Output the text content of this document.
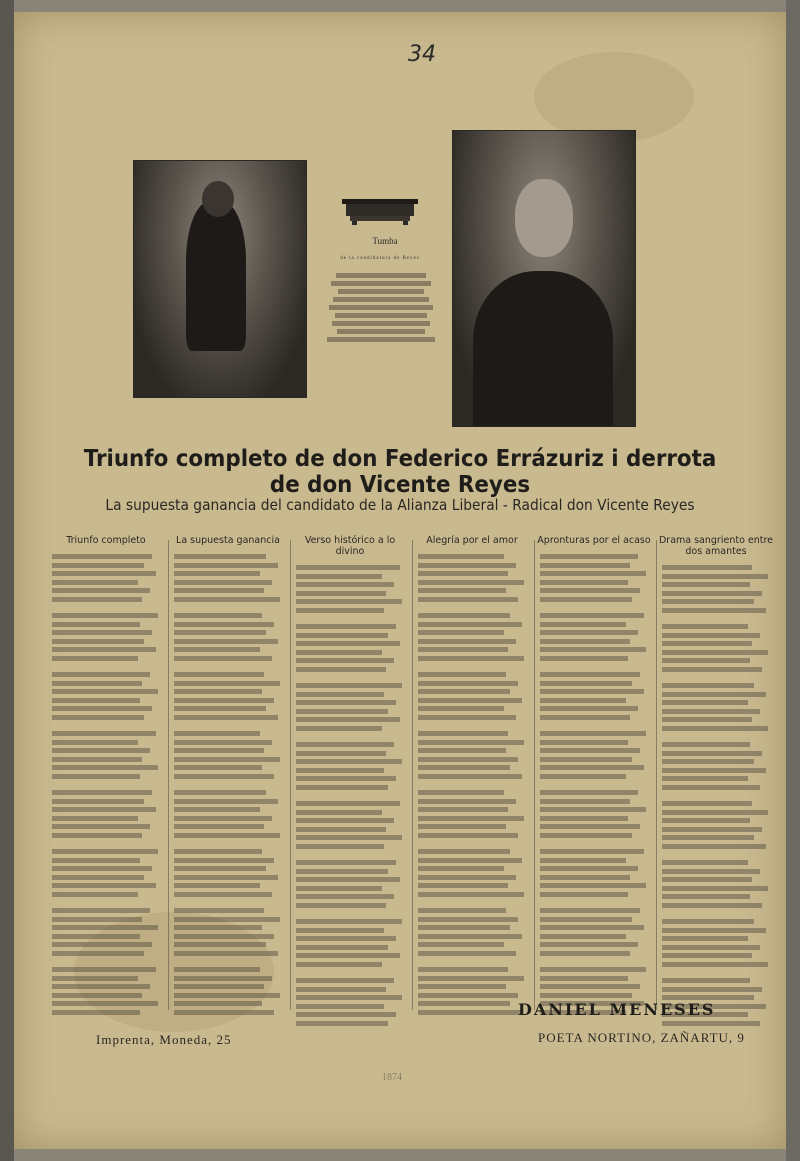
34
Tumba
de la candidatura de Reyes
Triunfo completo de don Federico Errázuriz i derrota de don Vicente Reyes
La supuesta ganancia del candidato de la Alianza Liberal - Radical don Vicente Reyes
Triunfo completo	La supuesta ganancia	Verso histórico a lo divino
Alegría por el amor	Apronturas por el acaso Drama sangriento entre dos amantes
Imprenta, Moneda, 25
DANIEL MENESES
POETA NORTINO, ZAÑARTU, 9
1874
